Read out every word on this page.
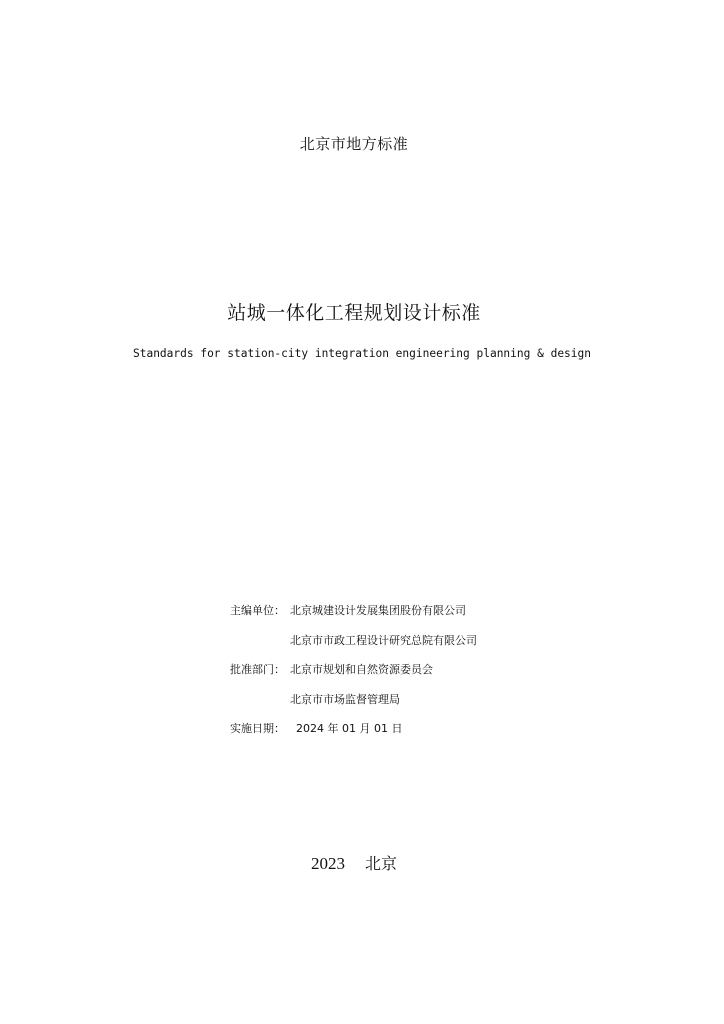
北京市地方标准
站城一体化工程规划设计标准
Standards for station-city integration engineering planning & design
主编单位： 北京城建设计发展集团股份有限公司
北京市市政工程设计研究总院有限公司
批准部门： 北京市规划和自然资源委员会
北京市市场监督管理局
实施日期：	2024 年 01 月 01 日
2023 北京
